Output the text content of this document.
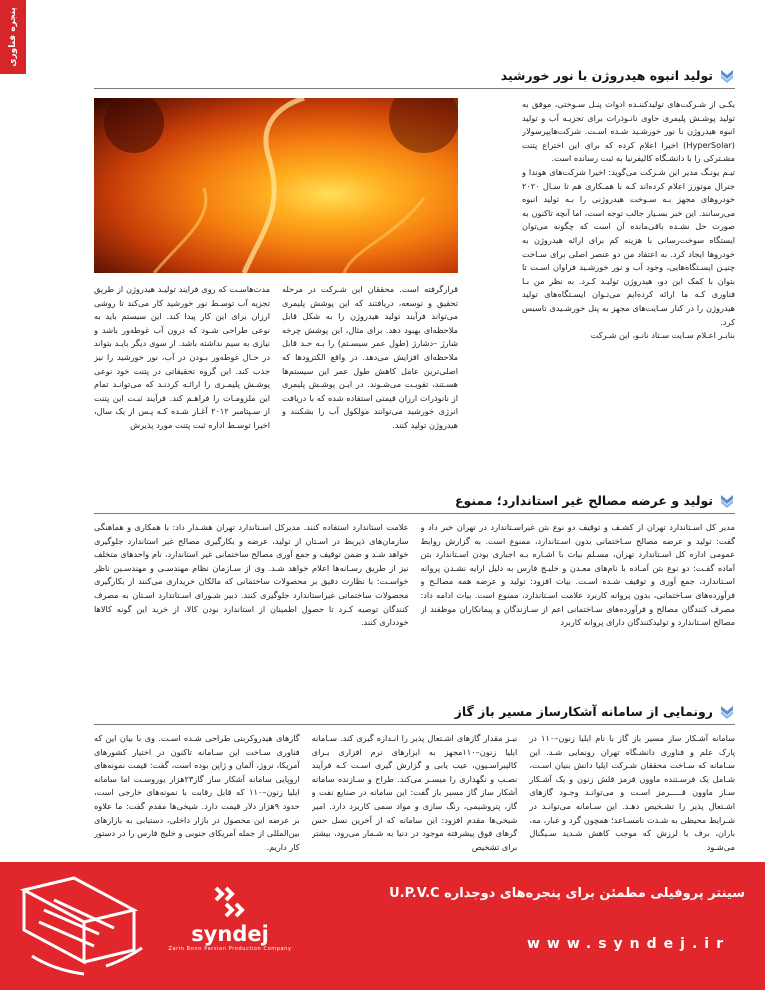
پنجره فناوری
تولید انبوه هیدروژن با نور خورشید

یکـی از شـرکت‌های تولیدکننـده ادوات پنـل سـوختی، موفق به تولید پوشـش پلیمری حاوی نانـوذرات برای تجزیـه آب و تولید انبوه هیدروژن با نور خورشـید شـده اسـت. شرکت‌هایپرسولار (HyperSolar) اخیرا اعلام کرده که برای این اختراع پتنت مشـترکی را با دانشـگاه کالیفرنیا به ثبت رسانده است.

تیـم یونـگ مدیر این شـرکت می‌گوید: اخیرا شرکت‌های هوندا و جنرال موتورز اعلام کرده‌اند کـه با همـکاری هم تا سـال ۲۰۲۰ خودروهای مجهز بـه سـوخت هیدروژنی را بـه تولید انبوه می‌رسانند. این خبر بسـیار جالب توجه است، اما آنچه تاکنون به صورت حل نشـده باقی‌مانده آن است که چگونه می‌توان ایستگاه سوخت‌رسانی با هزینه کم برای ارائه هیدروژن به خودروها ایجاد کرد. به اعتقاد من دو عنصر اصلی برای سـاخت چنیـن ایسـتگاه‌هایی، وجود آب و نور خورشـید فراوان اسـت تا بتوان با کمک این دو، هیدروژن تولیـد کـرد. به نظر من بـا فناوری کـه ما ارائه کرده‌ایم می‌تـوان ایسـتگاه‌های تولید هیدروژن را در کنار سـایت‌های مجهز به پنل خورشـیدی تاسیس کرد.

بنابـر اعـلام سـایت سـتاد نانـو، این شـرکت

قرارگرفته است. محققان این شـرکت در مرحله تحقیق و توسعه، دریافتند که این پوشش پلیمری می‌تواند فرآیند تولید هیدروژن را به شکل قابل ملاحظه‌ای بهبود دهد. برای مثال، این پوشش چرخه شارژ –دشارژ (طول عمر سیسـتم) را بـه حـد قابل ملاحظه‌ای افزایش می‌دهد. در واقع الکترودها که اصلی‌ترین عامل کاهش طول عمر این سیستم‌ها هسـتند، تقویـت می‌شـوند. در ایـن پوشـش پلیمری از نانوذرات ارزان قیمتی استفاده شده که با دریافت انرژی خورشید می‌توانند مولکول آب را بشکنند و هیدروژن تولید کنند.
مدت‌هاسـت که روی فرایند تولیـد هیدروژن از طریق تجزیه آب توسـط نور خورشید کار می‌کند تا روشی ارزان برای این کار پیدا کند. این سیستم باید به نوعی طراحی شـود که درون آب غوطه‌ور باشد و نیازی به سیم نداشته باشد. از سوی دیگر بایـد بتواند در حـال غوطه‌ور بـودن در آب، نور خورشید را نیز جذب کند. این گروه تحقیقاتی در پتنت خود نوعی پوشـش پلیمـری را ارائـه کردنـد که می‌توانـد تمام این ملزومـات را فراهـم کند. فرآیند ثبـت این پتنت از سـپتامبر ۲۰۱۲ آغـاز شـده کـه پـس از یک سال، اخیرا توسـط اداره ثبت پتنت مورد پذیرش
تولید و عرضه مصالح غیر استاندارد؛ ممنوع
مدیر کل اسـتاندارد تهران از کشـف و توقیف دو نوع بتن غیراسـتاندارد در تهران خبر داد و گفت: تولید و عرضه مصالح سـاختمانی بدون اسـتاندارد، ممنوع است. به گزارش روابط عمومی اداره کل اسـتاندارد تهران، مسـلم بیات با اشـاره بـه اجباری بودن اسـتاندارد بتن آماده گفـت: دو نوع بتن آمـاده با نام‌های معـدن و خلیـج فارس به دلیل ارایه نشـدن پروانه اسـتاندارد، جمع آوری و توقیف شـده اسـت. بیات افزود: تولید و عرضه همه مصالـح و فرآورده‌های سـاختمانی، بدون پروانه کاربرد علامت اسـتاندارد، ممنوع است. بیات ادامه داد: مصرف کنندگان مصالح و فرآورده‌های سـاختمانی اعم از سـازندگان و پیمانکاران موظفند از مصالح اسـتاندارد و تولیدکنندگان دارای پروانه کاربرد
علامت استاندارد استفاده کنند. مدیرکل اسـتاندارد تهران هشـدار داد: با همکاری و هماهنگی سازمان‌های ذیربط در اسـتان از تولید، عرضه و بکارگیری مصالح غیر استاندارد جلوگیری خواهد شـد و ضمن توقیف و جمع آوری مصالح ساختمانی غیر استاندارد، نام واحدهای متخلف نیز از طریق رسـانه‌ها اعلام خواهد شـد. وی از سـازمان نظام مهندسـی و مهندسـین ناظر خواسـت: با نظارت دقیق بر محصولات ساختمانی که مالکان خریداری می‌کنند از بکارگیری محصولات ساختمانی غیراستاندارد جلوگیری کنند. دبیر شـورای اسـتاندارد اسـتان به مصرف کنندگان توصیه کـرد تا حصول اطمینان از استاندارد بودن کالا، از خرید این گونه کالاها خودداری کنند.
رونمایی از سامانه آشکارساز مسیر باز گاز
سامانه آشـکار ساز مسیر باز گاز با نام ایلیا زنون–۱۱۰ در پارک علم و فناوری دانشـگاه تهران رونمایی شـد. این سـامانه که سـاخت محققان شـرکت ایلیا دانش بنیان اسـت، شـامل یک فرسـتنده ماوون قرمز قلش زنون و یک آشـکار سـاز ماوون قـــــرمز اسـت و می‌توانـد وجـود گازهای اشـتعال پذیر را تشـخیص دهـد. این سـامانه می‌توانـد در شـرایط محیطی به شـدت نامسـاعد؛ همچون گرد و غبار، مه، باران، برف یا لرزش که موجب کاهش شـدید سـیگنال می‌شـود
نیـز مقدار گازهای اشـتعال پذیر را انـدازه گیری کند. سـامانه ایلیا زنون–۱۱۰مجهز به ابزارهای نرم افزاری بـرای کالیبراسـیون، عیب یابی و گزارش گیری اسـت کـه فرآیند نصـب و نگهداری را میسـر می‌کند. طراح و سـازنده سامانه آشکار ساز گاز مسیر باز گفت: این سامانه در صنایع نفت و گاز، پتروشیمی، رنگ سازی و مواد سمی کاربرد دارد. امیر شیخی‌ها مقدم افزود: این سامانه که از آخرین نسل حس گرهای فوق پیشرفته موجود در دنیا به شـمار می‌رود، بیشتر برای تشخیص
گازهای هیدروکربنی طراحی شـده اسـت. وی با بیان این که فناوری سـاخت این سـامانه تاکنون در اختیار کشورهای آمریکا، نروژ، آلمان و ژاپن بوده است، گفت: قیمت نمونه‌های اروپایی سامانه آشکار ساز گاز۲۳هزار یوروسـت اما سامانه ایلیا زنون–۱۱۰ که قابل رقابت با نمونه‌های خارجی است، حدود ۹هزار دلار قیمت دارد. شیخی‌ها مقدم گفت: ما علاوه بر عرضه این محصول در بازار داخلی، دستیابی به بازارهای بین‌المللی از جمله آمریکای جنوبی و خلیج فارس را در دستور کار داریم.
syndej
Zarin Bonn Parsian Production Company
سینتر پروفیلی مطمئن برای پنجره‌های دوجداره U.P.V.C
www.syndej.ir
